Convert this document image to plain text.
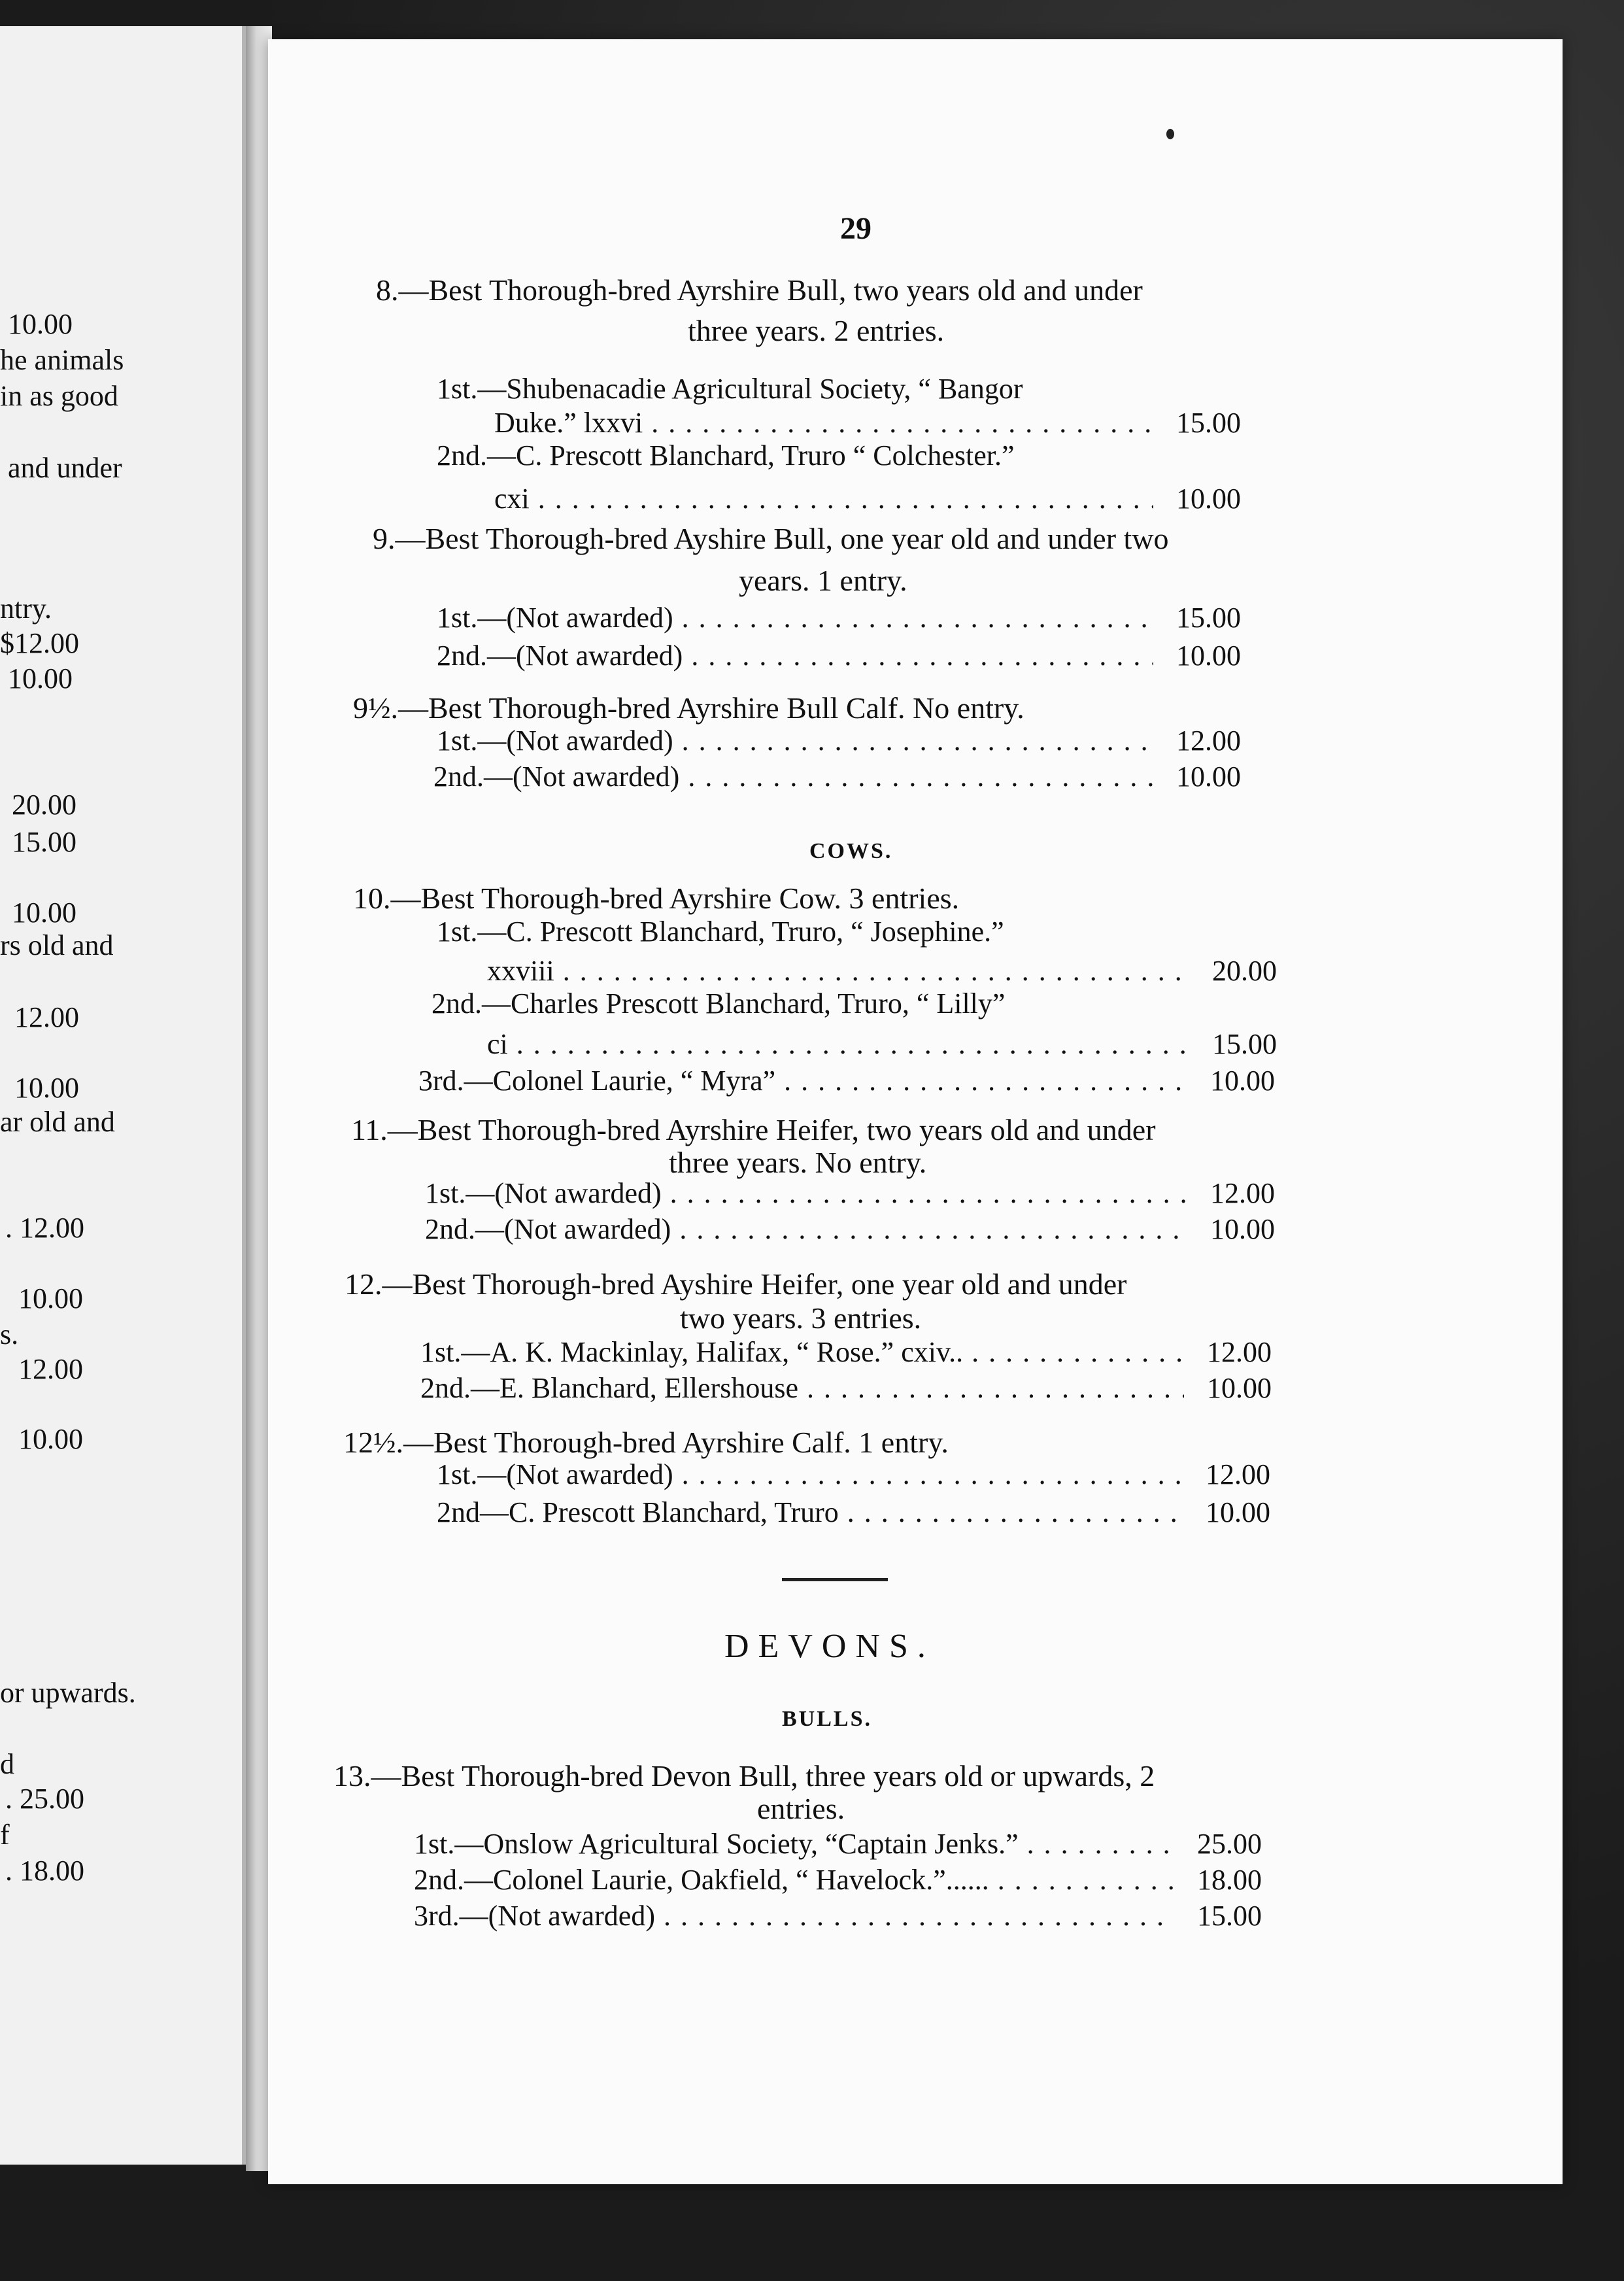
10.00
he animals
in as good
and under
ntry.
$12.00
10.00
20.00
15.00
10.00
rs old and
12.00
10.00
ar old and
. 12.00
10.00
s.
12.00
10.00
or upwards.
d
. 25.00
f
. 18.00
29
8.—Best Thorough-bred Ayrshire Bull, two years old and under
three years. 2 entries.
9.—Best Thorough-bred Ayshire Bull, one year old and under two
years. 1 entry.
9½.—Best Thorough-bred Ayrshire Bull Calf. No entry.
10.—Best Thorough-bred Ayrshire Cow. 3 entries.
11.—Best Thorough-bred Ayrshire Heifer, two years old and under
three years. No entry.
12.—Best Thorough-bred Ayshire Heifer, one year old and under
two years. 3 entries.
12½.—Best Thorough-bred Ayrshire Calf. 1 entry.
13.—Best Thorough-bred Devon Bull, three years old or upwards, 2
entries.
1st.—Shubenacadie Agricultural Society, “ Bangor
Duke.” lxxvi . . .	15.00
2nd.—C. Prescott Blanchard, Truro “ Colchester.”
cxi . . .	10.00
1st.—(Not awarded) . . .	15.00
2nd.—(Not awarded) . . .	10.00
1st.—(Not awarded) . . .	12.00
2nd.—(Not awarded) . . .	10.00
1st.—C. Prescott Blanchard, Truro, “ Josephine.”
xxviii . . .	20.00
2nd.—Charles Prescott Blanchard, Truro, “ Lilly”
ci . . .	15.00
3rd.—Colonel Laurie, “ Myra” . . .	10.00
1st.—(Not awarded) . . .	12.00
2nd.—(Not awarded) . . .	10.00
1st.—A. K. Mackinlay, Halifax, “ Rose.” cxiv.. . . .	12.00
2nd.—E. Blanchard, Ellershouse . . .	10.00
1st.—(Not awarded) . . .	12.00
2nd—C. Prescott Blanchard, Truro . . .	10.00
1st.—Onslow Agricultural Society, “Captain Jenks.” . . .	25.00
2nd.—Colonel Laurie, Oakfield, “ Havelock.”...... . . .	18.00
3rd.—(Not awarded) . . .	15.00
COWS.
DEVONS.
BULLS.
